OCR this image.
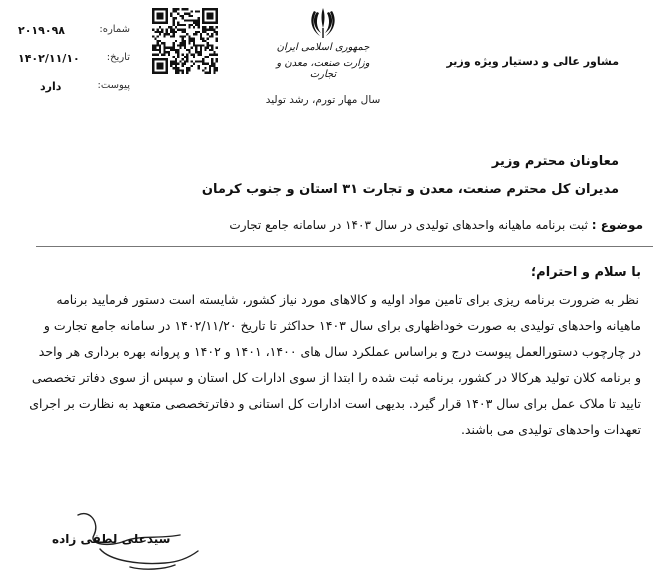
شماره:
۲۰۱۹۰۹۸
تاریخ:
۱۴۰۲/۱۱/۱۰
پیوست:
دارد
جمهوری اسلامی ایران
وزارت صنعت، معدن و تجارت
سال مهار تورم، رشد تولید
مشاور عالی و دستیار ویژه وزیر
معاونان محترم وزیر
مدیران کل محترم صنعت، معدن و تجارت ۳۱ استان و جنوب کرمان
موضوع : ثبت برنامه ماهیانه واحدهای تولیدی در سال ۱۴۰۳ در سامانه جامع تجارت
با سلام و احترام؛
نظر به ضرورت برنامه ریزی برای تامین مواد اولیه و کالاهای مورد نیاز کشور، شایسته است دستور فرمایید برنامه
ماهیانه واحدهای تولیدی به صورت خوداظهاری برای سال ۱۴۰۳ حداکثر تا تاریخ ۱۴۰۲/۱۱/۲۰ در سامانه جامع تجارت و
در چارچوب دستورالعمل پیوست درج و براساس عملکرد سال های ۱۴۰۰، ۱۴۰۱ و ۱۴۰۲ و پروانه بهره برداری هر واحد
و برنامه کلان تولید هرکالا در کشور، برنامه ثبت شده را ابتدا از سوی ادارات کل استان و سپس از سوی دفاتر تخصصی
تایید تا ملاک عمل برای سال ۱۴۰۳ قرار گیرد. بدیهی است ادارات کل استانی و دفاترتخصصی متعهد به نظارت بر اجرای
تعهدات واحدهای تولیدی می باشند.
سیدعلی لطفی زاده
